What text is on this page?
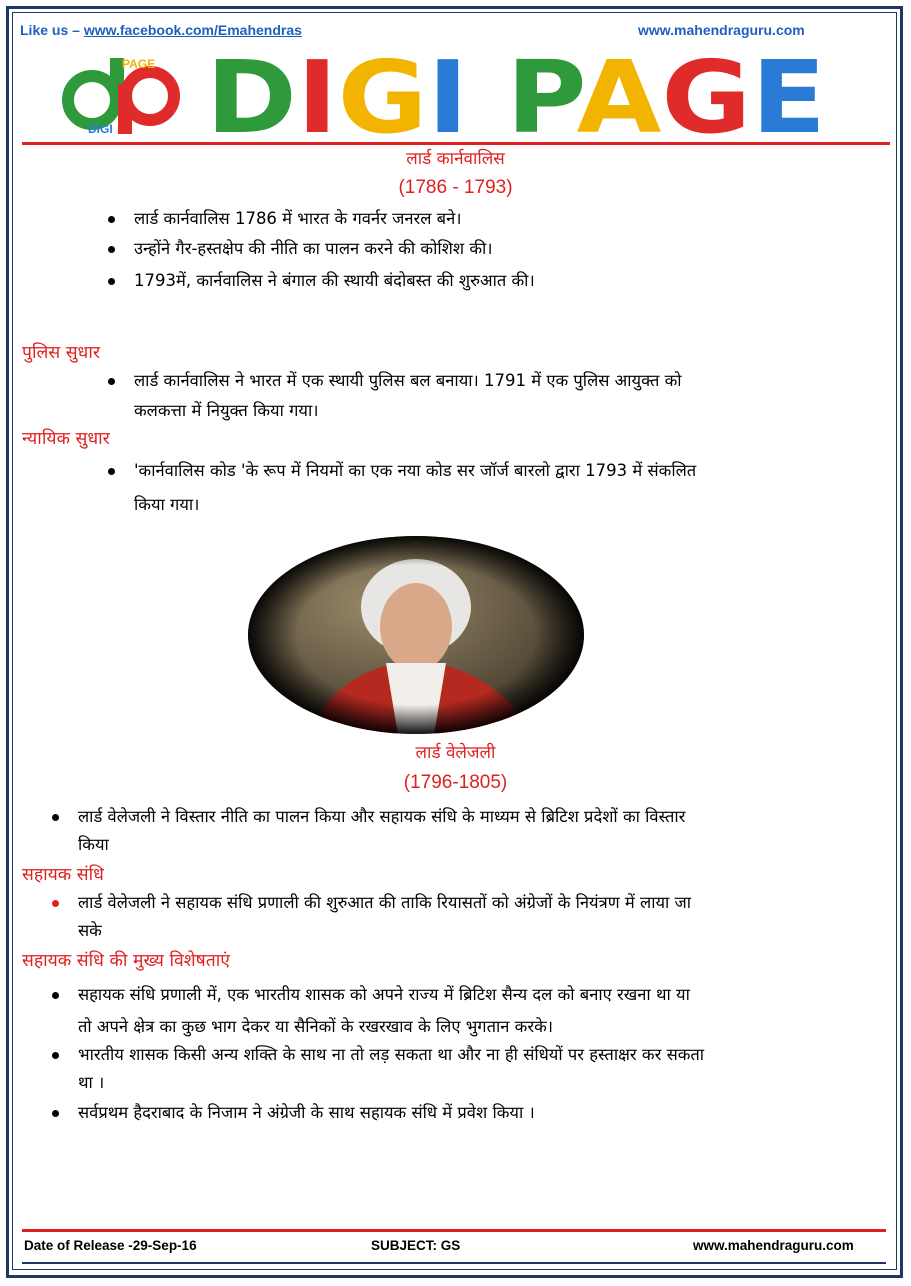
Like us – www.facebook.com/Emahendras	www.mahendraguru.com
PAGE
DIGI DIGI PAGE
लार्ड कार्नवालिस
(1786 - 1793)
लार्ड कार्नवालिस 1786 में भारत के गवर्नर जनरल बने।
उन्होंने गैर-हस्तक्षेप की नीति का पालन करने की कोशिश की।
1793में, कार्नवालिस ने बंगाल की स्थायी बंदोबस्त की शुरुआत की।
पुलिस सुधार
लार्ड कार्नवालिस ने भारत में एक स्थायी पुलिस बल बनाया। 1791 में एक पुलिस आयुक्त को
कलकत्ता में नियुक्त किया गया।
न्यायिक सुधार
'कार्नवालिस कोड 'के रूप में नियमों का एक नया कोड सर जॉर्ज बारलो द्वारा 1793 में संकलित
किया गया।
लार्ड वेलेजली
(1796-1805)
लार्ड वेलेजली ने विस्तार नीति का पालन किया और सहायक संधि के माध्यम से ब्रिटिश प्रदेशों का विस्तार
किया
सहायक संधि
लार्ड वेलेजली ने सहायक संधि प्रणाली की शुरुआत की ताकि रियासतों को अंग्रेजों के नियंत्रण में लाया जा
सके
सहायक संधि की मुख्य विशेषताएं
सहायक संधि प्रणाली में, एक भारतीय शासक को अपने राज्य में ब्रिटिश सैन्य दल को बनाए रखना था या
तो अपने क्षेत्र का कुछ भाग देकर या सैनिकों के रखरखाव के लिए भुगतान करके।
भारतीय शासक किसी अन्य शक्ति के साथ ना तो लड़ सकता था और ना ही संधियों पर हस्ताक्षर कर सकता
था ।
सर्वप्रथम हैदराबाद के निजाम ने अंग्रेजी के साथ सहायक संधि में प्रवेश किया ।
Date of Release -29-Sep-16	SUBJECT: GS	www.mahendraguru.com
